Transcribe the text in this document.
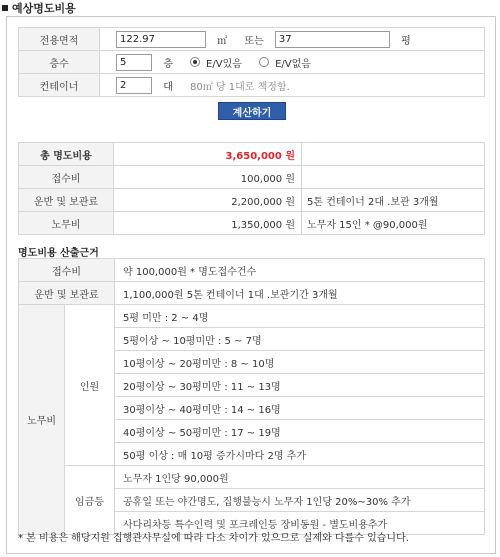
예상명도비용
전용면적	122.97 ㎡ 또는 37 평
층수	5 층 E/V있음 E/V없음
컨테이너	2 대 80㎡ 당 1대로 책정함.
계산하기
총 명도비용	3,650,000 원	
접수비	100,000 원	
운반 및 보관료	2,200,000 원	5톤 컨테이너 2대 .보관 3개월
노무비	1,350,000 원	노무자 15인 * @90,000원
명도비용 산출근거
접수비		약 100,000원 * 명도접수건수
운반 및 보관료		1,100,000원 5톤 컨테이너 1대 .보관기간 3개월
노무비	인원	5평 미만 : 2 ~ 4명
		5평이상 ~ 10평미만 : 5 ~ 7명
		10평이상 ~ 20평미만 : 8 ~ 10명
		20평이상 ~ 30평미만 : 11 ~ 13명
		30평이상 ~ 40평미만 : 14 ~ 16명
		40평이상 ~ 50평미만 : 17 ~ 19명
		50평 이상 : 매 10평 증가시마다 2명 추가
	임금등	노무자 1인당 90,000원
		공휴일 또는 야간명도, 집행불능시 노무자 1인당 20%~30% 추가
		사다리차등 특수인력 및 포크레인등 장비동원 - 별도비용추가
* 본 비용은 해당지원 집행관사무실에 따라 다소 차이가 있으므로 실제와 다를수 있습니다.
